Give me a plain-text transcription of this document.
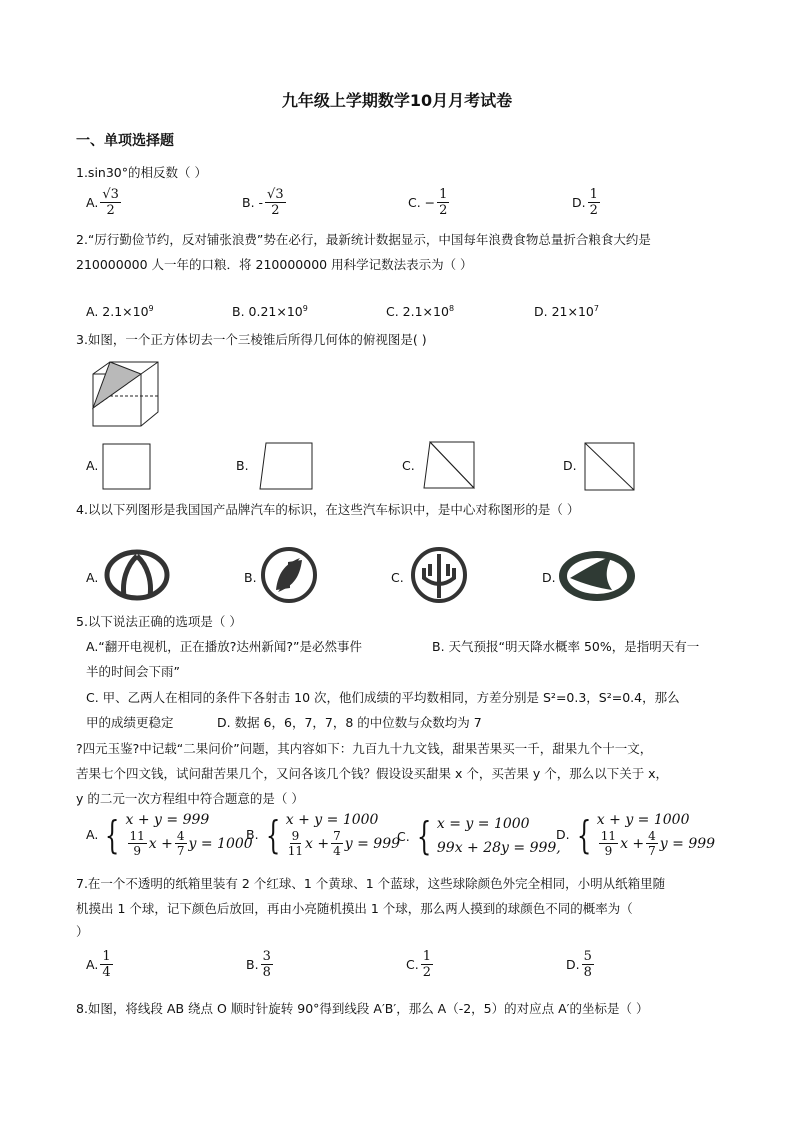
九年级上学期数学10月月考试卷
一、单项选择题
1.sin30°的相反数（ ）
A. $\frac{√3}{2}$	B. - $\frac{√3}{2}$	C. − $\frac{1}{2}$	D. $\frac{1}{2}$
2.“厉行勤俭节约，反对铺张浪费”势在必行，最新统计数据显示，中国每年浪费食物总量折合粮食大约是
210000000 人一年的口粮．将 210000000 用科学记数法表示为（ ）
A. $2.1\times 10^9$	B. $0.21\times 10^9$	C. $2.1\times 10^8$	D. $21\times 10^7$
3.如图，一个正方体切去一个三棱锥后所得几何体的俯视图是( )
A.	B.	C.	D.
4.以以下列图形是我国国产品牌汽车的标识，在这些汽车标识中，是中心对称图形的是（ ）
A.	B.	C.	D.
5.以下说法正确的选项是（ ）
A.“翻开电视机，正在播放?达州新闻?”是必然事件	B. 天气预报“明天降水概率 50%，是指明天有一
半的时间会下雨”
C. 甲、乙两人在相同的条件下各射击 10 次，他们成绩的平均数相同，方差分别是 S²=0.3，S²=0.4，那么
甲的成绩更稳定	D. 数据 6，6，7，7，8 的中位数与众数均为 7
?四元玉鉴?中记载“二果问价”问题，其内容如下：九百九十九文钱，甜果苦果买一千，甜果九个十一文，
苦果七个四文钱，试问甜苦果几个，又问各该几个钱？假设设买甜果 x 个，买苦果 y 个，那么以下关于 x，
y 的二元一次方程组中符合题意的是（ ）
A. { x + y = 999
$\frac{11}{9}$ $x + \frac{4}{7}$ y = 1000
B. { x + y = 1000
$\frac{9}{11}$ $x + \frac{7}{4}$ y = 999
C. { x = y = 1000
99x + 28y = 999,
D. { x + y = 1000
$\frac{11}{9}$ $x + \frac{4}{7}$ y = 999
7.在一个不透明的纸箱里装有 2 个红球、1 个黄球、1 个蓝球，这些球除颜色外完全相同，小明从纸箱里随
机摸出 1 个球，记下颜色后放回，再由小亮随机摸出 1 个球，那么两人摸到的球颜色不同的概率为（
）
A. $\frac{1}{4}$	B. $\frac{3}{8}$	C. $\frac{1}{2}$	D. $\frac{5}{8}$
8.如图，将线段 AB 绕点 O 顺时针旋转 90°得到线段 A′B′，那么 A（-2，5）的对应点 A′的坐标是（ ）
